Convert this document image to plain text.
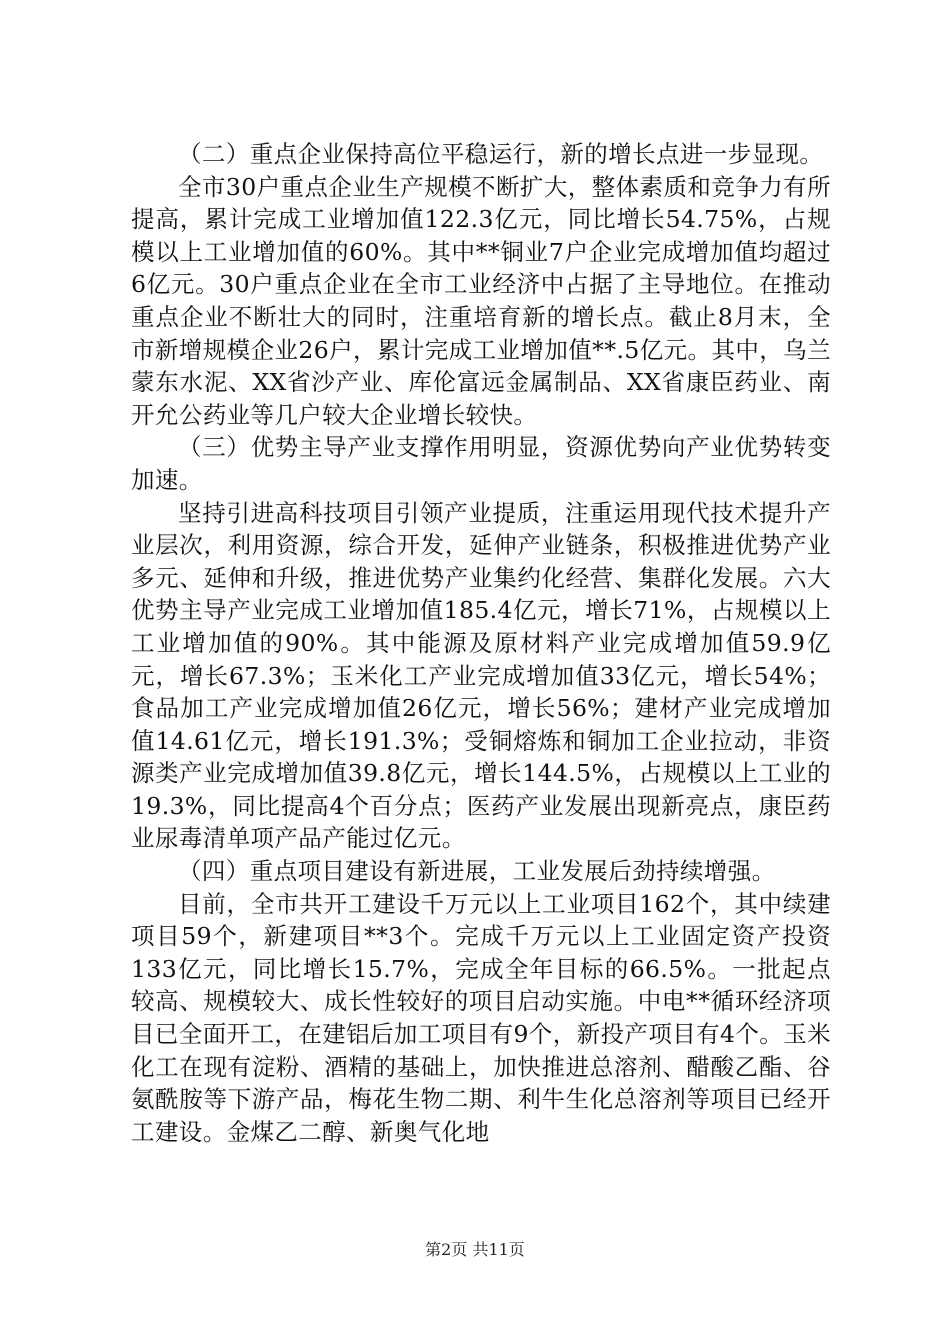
（二）重点企业保持高位平稳运行，新的增长点进一步显现。

全市30户重点企业生产规模不断扩大，整体素质和竞争力有所提高，累计完成工业增加值122.3亿元，同比增长54.75%，占规模以上工业增加值的60%。其中**铜业7户企业完成增加值均超过6亿元。30户重点企业在全市工业经济中占据了主导地位。在推动重点企业不断壮大的同时，注重培育新的增长点。截止8月末，全市新增规模企业26户，累计完成工业增加值**.5亿元。其中，乌兰蒙东水泥、XX省沙产业、库伦富远金属制品、XX省康臣药业、南开允公药业等几户较大企业增长较快。

（三）优势主导产业支撑作用明显，资源优势向产业优势转变加速。

坚持引进高科技项目引领产业提质，注重运用现代技术提升产业层次，利用资源，综合开发，延伸产业链条，积极推进优势产业多元、延伸和升级，推进优势产业集约化经营、集群化发展。六大优势主导产业完成工业增加值185.4亿元，增长71%，占规模以上工业增加值的90%。其中能源及原材料产业完成增加值59.9亿元，增长67.3%；玉米化工产业完成增加值33亿元，增长54%；食品加工产业完成增加值26亿元，增长56%；建材产业完成增加值14.61亿元，增长191.3%；受铜熔炼和铜加工企业拉动，非资源类产业完成增加值39.8亿元，增长144.5%，占规模以上工业的19.3%，同比提高4个百分点；医药产业发展出现新亮点，康臣药业尿毒清单项产品产能过亿元。

（四）重点项目建设有新进展，工业发展后劲持续增强。

目前，全市共开工建设千万元以上工业项目162个，其中续建项目59个，新建项目**3个。完成千万元以上工业固定资产投资133亿元，同比增长15.7%，完成全年目标的66.5%。一批起点较高、规模较大、成长性较好的项目启动实施。中电**循环经济项目已全面开工，在建铝后加工项目有9个，新投产项目有4个。玉米化工在现有淀粉、酒精的基础上，加快推进总溶剂、醋酸乙酯、谷氨酰胺等下游产品，梅花生物二期、利牛生化总溶剂等项目已经开工建设。金煤乙二醇、新奥气化地

第2页 共11页
